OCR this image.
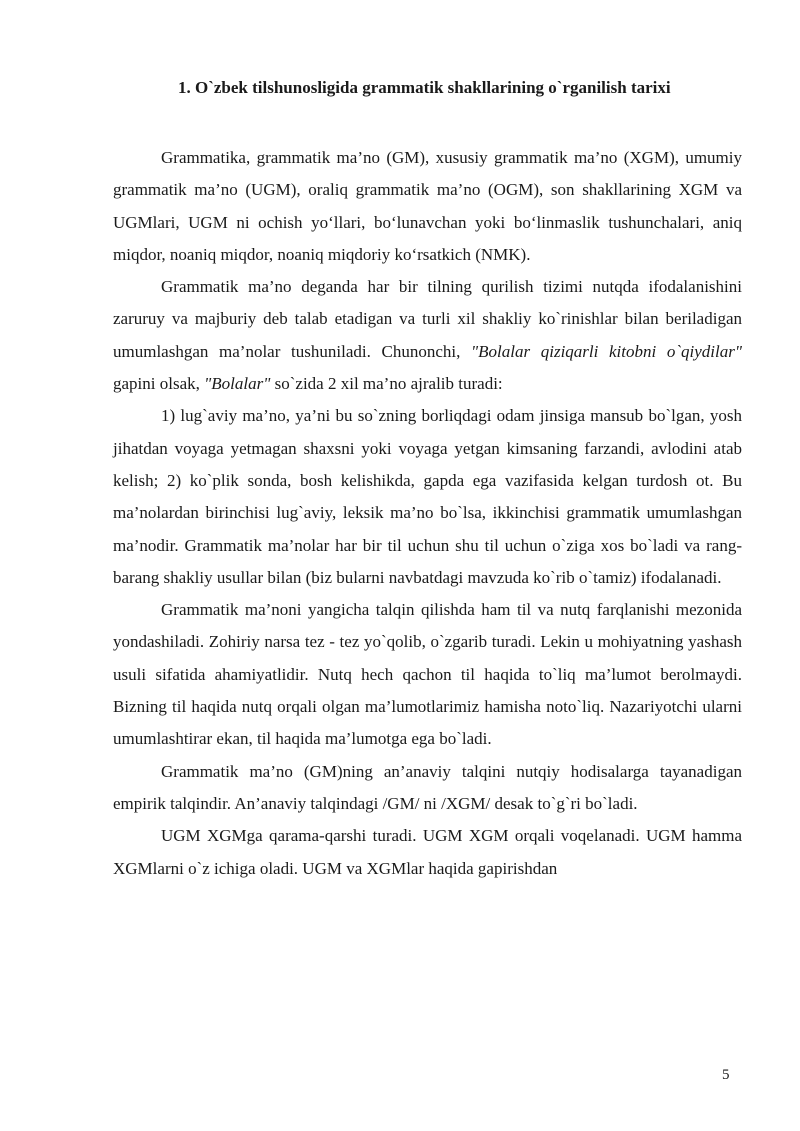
1. O`zbek tilshunosligida grammatik shakllarining o`rganilish tarixi

Grammatika, grammatik ma’no (GM), xususiy grammatik ma’no (XGM), umumiy grammatik ma’no (UGM), oraliq grammatik ma’no (OGM), son shakllarining XGM va UGMlari, UGM ni ochish yo‘llari, bo‘lunavchan yoki bo‘linmaslik tushunchalari, aniq miqdor, noaniq miqdor, noaniq miqdoriy ko‘rsatkich (NMK).

Grammatik ma’no deganda har bir tilning qurilish tizimi nutqda ifodalanishini zaruruy va majburiy deb talab etadigan va turli xil shakliy ko`rinishlar bilan beriladigan umumlashgan ma’nolar tushuniladi. Chunonchi, "Bolalar qiziqarli kitobni o`qiydilar" gapini olsak, "Bolalar" so`zida 2 xil ma’no ajralib turadi:

1) lug`aviy ma’no, ya’ni bu so`zning borliqdagi odam jinsiga mansub bo`lgan, yosh jihatdan voyaga yetmagan shaxsni yoki voyaga yetgan kimsaning farzandi, avlodini atab kelish; 2) ko`plik sonda, bosh kelishikda, gapda ega vazifasida kelgan turdosh ot. Bu ma’nolardan birinchisi lug`aviy, leksik ma’no bo`lsa, ikkinchisi grammatik umumlashgan ma’nodir. Grammatik ma’nolar har bir til uchun shu til uchun o`ziga xos bo`ladi va rang-barang shakliy usullar bilan (biz bularni navbatdagi mavzuda ko`rib o`tamiz) ifodalanadi.

Grammatik ma’noni yangicha talqin qilishda ham til va nutq farqlanishi mezonida yondashiladi. Zohiriy narsa tez - tez yo`qolib, o`zgarib turadi. Lekin u mohiyatning yashash usuli sifatida ahamiyatlidir. Nutq hech qachon til haqida to`liq ma’lumot berolmaydi. Bizning til haqida nutq orqali olgan ma’lumotlarimiz hamisha noto`liq. Nazariyotchi ularni umumlashtirar ekan, til haqida ma’lumotga ega bo`ladi.

Grammatik ma’no (GM)ning an’anaviy talqini nutqiy hodisalarga tayanadigan empirik talqindir. An’anaviy talqindagi /GM/ ni /XGM/ desak to`g`ri bo`ladi.

UGM XGMga qarama-qarshi turadi. UGM XGM orqali voqelanadi. UGM hamma XGMlarni o`z ichiga oladi. UGM va XGMlar haqida gapirishdan

5
